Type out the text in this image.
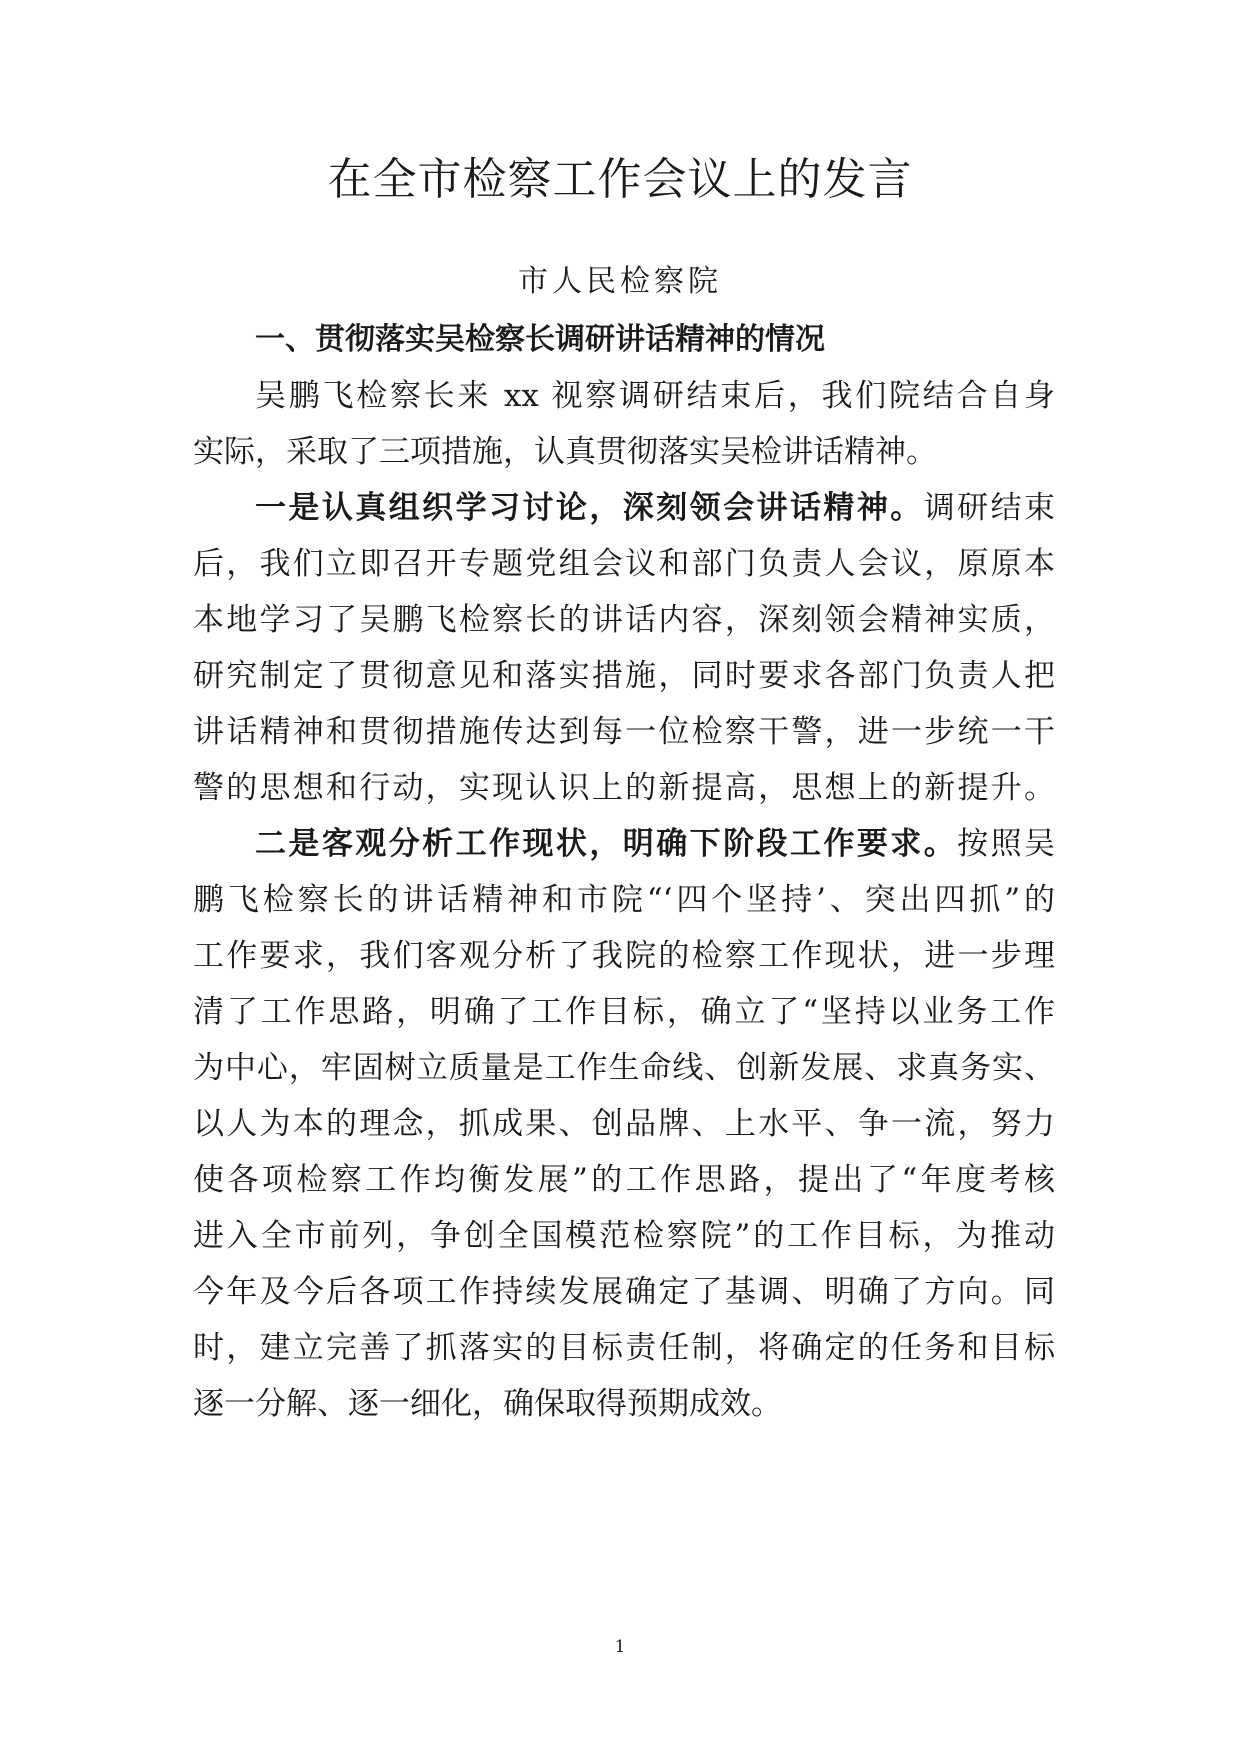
在全市检察工作会议上的发言
市人民检察院
一、贯彻落实吴检察长调研讲话精神的情况
吴鹏飞检察长来 xx 视察调研结束后，我们院结合自身
实际，采取了三项措施，认真贯彻落实吴检讲话精神。
一是认真组织学习讨论，深刻领会讲话精神。调研结束
后，我们立即召开专题党组会议和部门负责人会议，原原本
本地学习了吴鹏飞检察长的讲话内容，深刻领会精神实质，
研究制定了贯彻意见和落实措施，同时要求各部门负责人把
讲话精神和贯彻措施传达到每一位检察干警，进一步统一干
警的思想和行动，实现认识上的新提高，思想上的新提升。
二是客观分析工作现状，明确下阶段工作要求。按照吴
鹏飞检察长的讲话精神和市院“‘四个坚持’、突出四抓”的
工作要求，我们客观分析了我院的检察工作现状，进一步理
清了工作思路，明确了工作目标，确立了“坚持以业务工作
为中心，牢固树立质量是工作生命线、创新发展、求真务实、
以人为本的理念，抓成果、创品牌、上水平、争一流，努力
使各项检察工作均衡发展”的工作思路，提出了“年度考核
进入全市前列，争创全国模范检察院”的工作目标，为推动
今年及今后各项工作持续发展确定了基调、明确了方向。同
时，建立完善了抓落实的目标责任制，将确定的任务和目标
逐一分解、逐一细化，确保取得预期成效。
1
